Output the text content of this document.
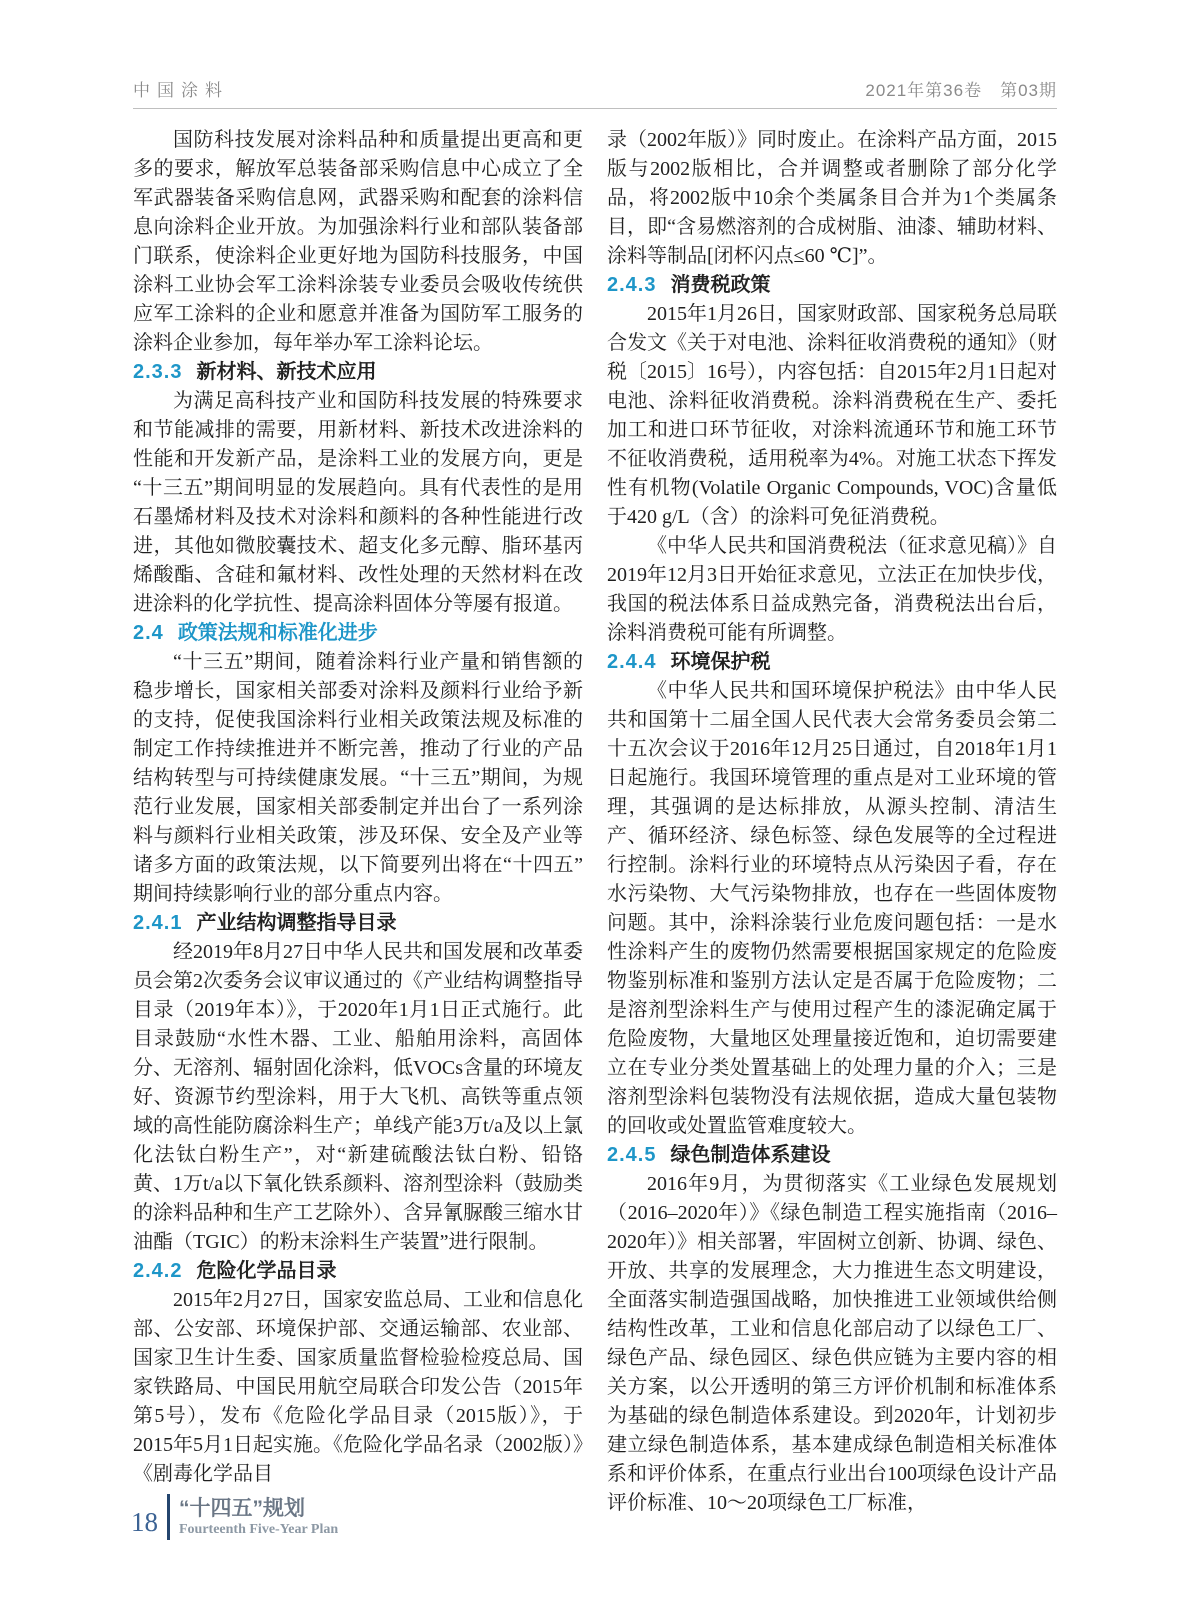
中国涂料	2021年第36卷　第03期

国防科技发展对涂料品种和质量提出更高和更多的要求，解放军总装备部采购信息中心成立了全军武器装备采购信息网，武器采购和配套的涂料信息向涂料企业开放。为加强涂料行业和部队装备部门联系，使涂料企业更好地为国防科技服务，中国涂料工业协会军工涂料涂装专业委员会吸收传统供应军工涂料的企业和愿意并准备为国防军工服务的涂料企业参加，每年举办军工涂料论坛。

2.3.3 新材料、新技术应用

为满足高科技产业和国防科技发展的特殊要求和节能减排的需要，用新材料、新技术改进涂料的性能和开发新产品，是涂料工业的发展方向，更是“十三五”期间明显的发展趋向。具有代表性的是用石墨烯材料及技术对涂料和颜料的各种性能进行改进，其他如微胶囊技术、超支化多元醇、脂环基丙烯酸酯、含硅和氟材料、改性处理的天然材料在改进涂料的化学抗性、提高涂料固体分等屡有报道。

2.4 政策法规和标准化进步

“十三五”期间，随着涂料行业产量和销售额的稳步增长，国家相关部委对涂料及颜料行业给予新的支持，促使我国涂料行业相关政策法规及标准的制定工作持续推进并不断完善，推动了行业的产品结构转型与可持续健康发展。“十三五”期间，为规范行业发展，国家相关部委制定并出台了一系列涂料与颜料行业相关政策，涉及环保、安全及产业等诸多方面的政策法规，以下简要列出将在“十四五”期间持续影响行业的部分重点内容。

2.4.1 产业结构调整指导目录

经2019年8月27日中华人民共和国发展和改革委员会第2次委务会议审议通过的《产业结构调整指导目录（2019年本）》，于2020年1月1日正式施行。此目录鼓励“水性木器、工业、船舶用涂料，高固体分、无溶剂、辐射固化涂料，低VOCs含量的环境友好、资源节约型涂料，用于大飞机、高铁等重点领域的高性能防腐涂料生产；单线产能3万t/a及以上氯化法钛白粉生产”，对“新建硫酸法钛白粉、铅铬黄、1万t/a以下氧化铁系颜料、溶剂型涂料（鼓励类的涂料品种和生产工艺除外）、含异氰脲酸三缩水甘油酯（TGIC）的粉末涂料生产装置”进行限制。

2.4.2 危险化学品目录

2015年2月27日，国家安监总局、工业和信息化部、公安部、环境保护部、交通运输部、农业部、国家卫生计生委、国家质量监督检验检疫总局、国家铁路局、中国民用航空局联合印发公告（2015年第5号），发布《危险化学品目录（2015版）》，于2015年5月1日起实施。《危险化学品名录（2002版）》《剧毒化学品目

录（2002年版）》同时废止。在涂料产品方面，2015版与2002版相比，合并调整或者删除了部分化学品，将2002版中10余个类属条目合并为1个类属条目，即“含易燃溶剂的合成树脂、油漆、辅助材料、涂料等制品[闭杯闪点≤60 ℃]”。

2.4.3 消费税政策

2015年1月26日，国家财政部、国家税务总局联合发文《关于对电池、涂料征收消费税的通知》（财税〔2015〕16号），内容包括：自2015年2月1日起对电池、涂料征收消费税。涂料消费税在生产、委托加工和进口环节征收，对涂料流通环节和施工环节不征收消费税，适用税率为4%。对施工状态下挥发性有机物(Volatile Organic Compounds, VOC)含量低于420 g/L（含）的涂料可免征消费税。

《中华人民共和国消费税法（征求意见稿）》自2019年12月3日开始征求意见，立法正在加快步伐，我国的税法体系日益成熟完备，消费税法出台后，涂料消费税可能有所调整。

2.4.4 环境保护税

《中华人民共和国环境保护税法》由中华人民共和国第十二届全国人民代表大会常务委员会第二十五次会议于2016年12月25日通过，自2018年1月1日起施行。我国环境管理的重点是对工业环境的管理，其强调的是达标排放，从源头控制、清洁生产、循环经济、绿色标签、绿色发展等的全过程进行控制。涂料行业的环境特点从污染因子看，存在水污染物、大气污染物排放，也存在一些固体废物问题。其中，涂料涂装行业危废问题包括：一是水性涂料产生的废物仍然需要根据国家规定的危险废物鉴别标准和鉴别方法认定是否属于危险废物；二是溶剂型涂料生产与使用过程产生的漆泥确定属于危险废物，大量地区处理量接近饱和，迫切需要建立在专业分类处置基础上的处理力量的介入；三是溶剂型涂料包装物没有法规依据，造成大量包装物的回收或处置监管难度较大。

2.4.5 绿色制造体系建设

2016年9月，为贯彻落实《工业绿色发展规划（2016–2020年）》《绿色制造工程实施指南（2016–2020年）》相关部署，牢固树立创新、协调、绿色、开放、共享的发展理念，大力推进生态文明建设，全面落实制造强国战略，加快推进工业领域供给侧结构性改革，工业和信息化部启动了以绿色工厂、绿色产品、绿色园区、绿色供应链为主要内容的相关方案，以公开透明的第三方评价机制和标准体系为基础的绿色制造体系建设。到2020年，计划初步建立绿色制造体系，基本建成绿色制造相关标准体系和评价体系，在重点行业出台100项绿色设计产品评价标准、10～20项绿色工厂标准，

18 “十四五”规划
Fourteenth Five-Year Plan
